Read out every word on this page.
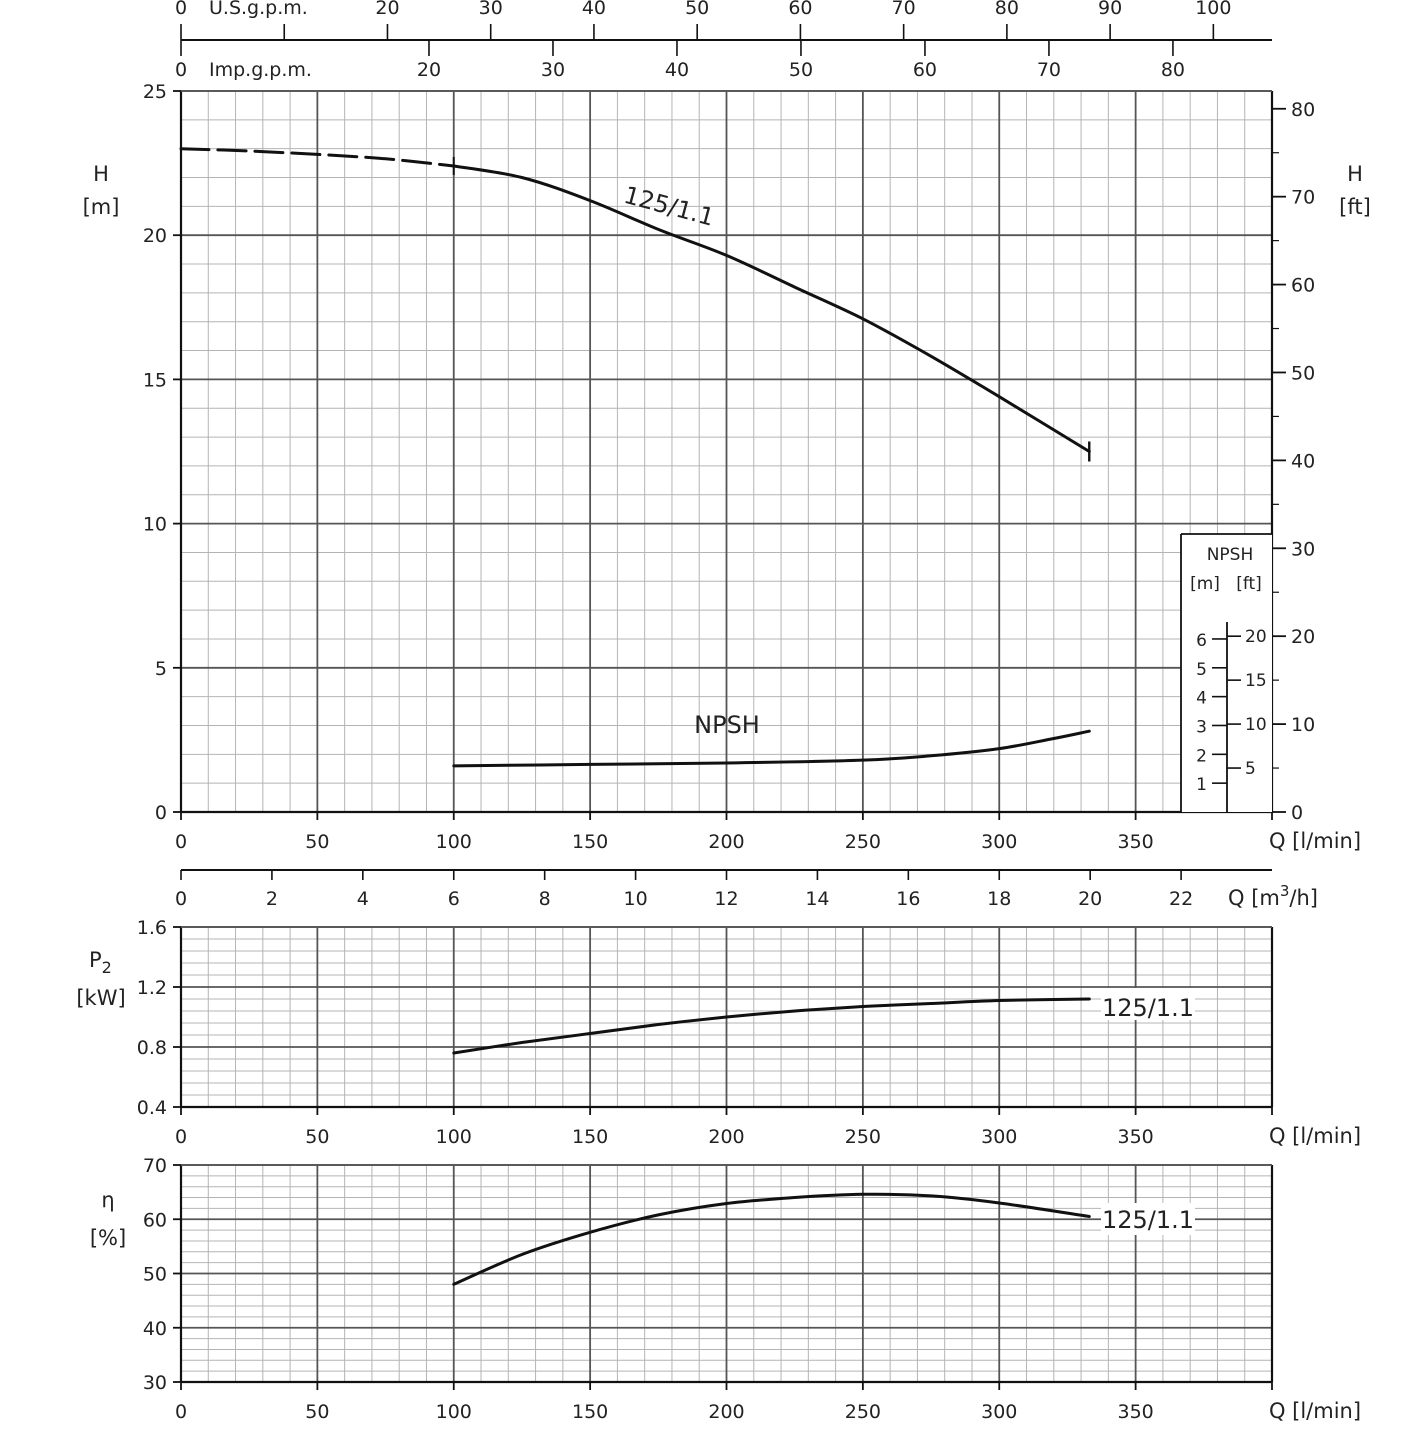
0
5
10
15
20
25
0	50	100	150	200	250	300	350	Q [l/min]
H
[m]
0
10
20
30
40
50
60
70
80
H
[ft]
0	20	30	40	50	60	70	80	90	100
U.S.g.p.m.
0	20	30	40	50	60	70	80
Imp.g.p.m.
125/1.1
NPSH
NPSH
[m] [ft]
1
2
3
4
5
6
5
10
15
20
0	2	4	6	8	10	12	14	16	18	20	22 Q $[m^3/h]$
0.4
0.8
1.2
1.6
0	50	100	150	200	250	300	350	Q [l/min]
$P_2$
[kW]	125/1.1
30
40
50
60
70
0	50	100	150	200	250	300	350	Q [l/min]
η
[%]
125/1.1
